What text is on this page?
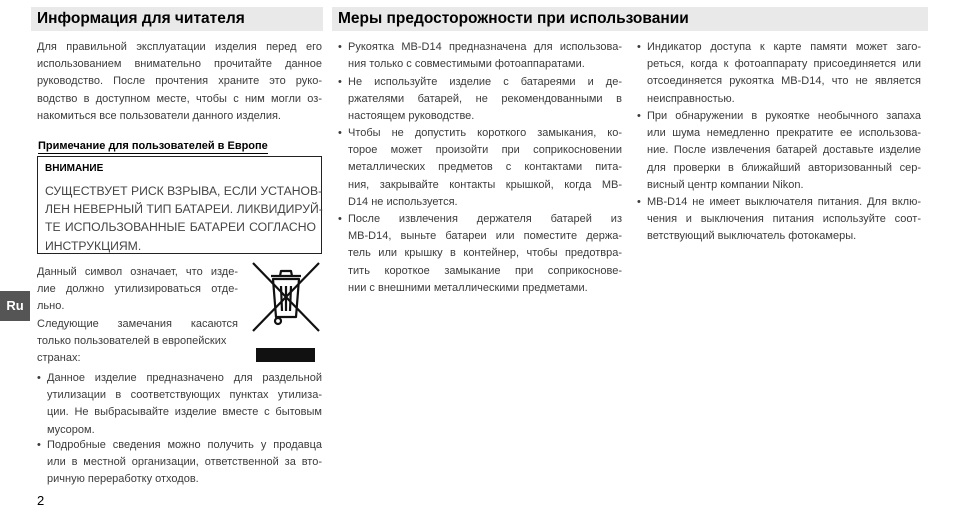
Информация для читателя	Меры предосторожности при использовании
Для правильной эксплуатации изделия перед его
использованием внимательно прочитайте данное
руководство. После прочтения храните это руко-
водство в доступном месте, чтобы с ним могли оз-
накомиться все пользователи данного изделия.
Примечание для пользователей в Европе
ВНИМАНИЕ
СУЩЕСТВУЕТ РИСК ВЗРЫВА, ЕСЛИ УСТАНОВ-
ЛЕН НЕВЕРНЫЙ ТИП БАТАРЕИ. ЛИКВИДИРУЙ-
ТЕ ИСПОЛЬЗОВАННЫЕ БАТАРЕИ СОГЛАСНО
ИНСТРУКЦИЯМ.
Ru
Данный символ означает, что изде-
лие должно утилизироваться отде-
льно.
Следующие замечания касаются
только пользователей в европейских
странах:
• Данное изделие предназначено для раздельной
утилизации в соответствующих пунктах утилиза-
ции. Не выбрасывайте изделие вместе с бытовым
мусором.
• Подробные сведения можно получить у продавца
или в местной организации, ответственной за вто-
ричную переработку отходов.
2
• Рукоятка MB-D14 предназначена для использова-
ния только с совместимыми фотоаппаратами.
• Не используйте изделие с батареями и де-
ржателями батарей, не рекомендованными в
настоящем руководстве.
• Чтобы не допустить короткого замыкания, ко-
торое может произойти при соприкосновении
металлических предметов с контактами пита-
ния, закрывайте контакты крышкой, когда MB-
D14 не используется.
• После извлечения держателя батарей из
MB-D14, выньте батареи или поместите держа-
тель или крышку в контейнер, чтобы предотвра-
тить короткое замыкание при соприкоснове-
нии с внешними металлическими предметами.
• Индикатор доступа к карте памяти может заго-
реться, когда к фотоаппарату присоединяется или
отсоединяется рукоятка MB-D14, что не является
неисправностью.
• При обнаружении в рукоятке необычного запаха
или шума немедленно прекратите ее использова-
ние. После извлечения батарей доставьте изделие
для проверки в ближайший авторизованный сер-
висный центр компании Nikon.
• MB-D14 не имеет выключателя питания. Для вклю-
чения и выключения питания используйте соот-
ветствующий выключатель фотокамеры.
